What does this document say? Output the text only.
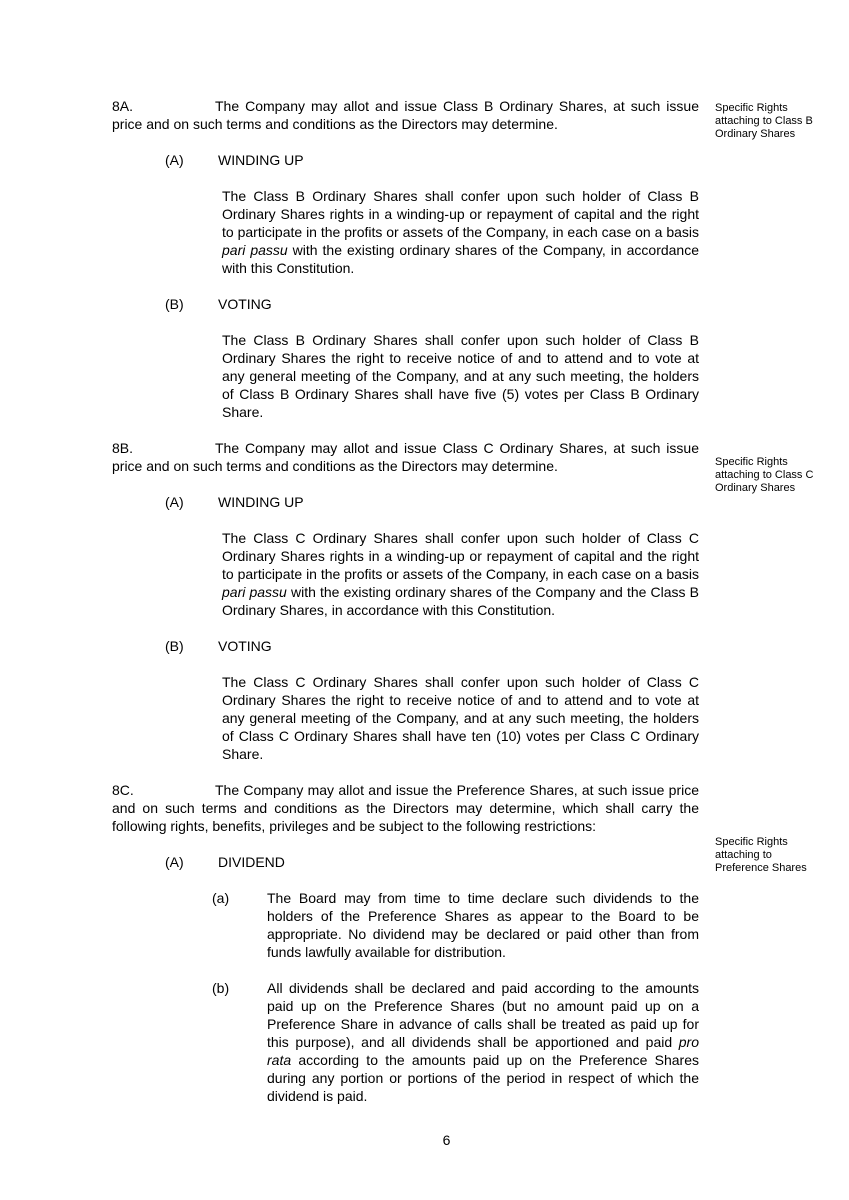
8A.	The Company may allot and issue Class B Ordinary Shares, at such issue price and on such terms and conditions as the Directors may determine.

(A) WINDING UP

The Class B Ordinary Shares shall confer upon such holder of Class B Ordinary Shares rights in a winding-up or repayment of capital and the right to participate in the profits or assets of the Company, in each case on a basis pari passu with the existing ordinary shares of the Company, in accordance with this Constitution.

(B) VOTING

The Class B Ordinary Shares shall confer upon such holder of Class B Ordinary Shares the right to receive notice of and to attend and to vote at any general meeting of the Company, and at any such meeting, the holders of Class B Ordinary Shares shall have five (5) votes per Class B Ordinary Share.

8B.	The Company may allot and issue Class C Ordinary Shares, at such issue price and on such terms and conditions as the Directors may determine.

(A) WINDING UP

The Class C Ordinary Shares shall confer upon such holder of Class C Ordinary Shares rights in a winding-up or repayment of capital and the right to participate in the profits or assets of the Company, in each case on a basis pari passu with the existing ordinary shares of the Company and the Class B Ordinary Shares, in accordance with this Constitution.

(B) VOTING

The Class C Ordinary Shares shall confer upon such holder of Class C Ordinary Shares the right to receive notice of and to attend and to vote at any general meeting of the Company, and at any such meeting, the holders of Class C Ordinary Shares shall have ten (10) votes per Class C Ordinary Share.

8C.	The Company may allot and issue the Preference Shares, at such issue price and on such terms and conditions as the Directors may determine, which shall carry the following rights, benefits, privileges and be subject to the following restrictions:

(A) DIVIDEND
(a)	The Board may from time to time declare such dividends to the holders of the Preference Shares as appear to the Board to be appropriate. No dividend may be declared or paid other than from funds lawfully available for distribution.
(b)	All dividends shall be declared and paid according to the amounts paid up on the Preference Shares (but no amount paid up on a Preference Share in advance of calls shall be treated as paid up for this purpose), and all dividends shall be apportioned and paid pro rata according to the amounts paid up on the Preference Shares during any portion or portions of the period in respect of which the dividend is paid.
Specific Rights
attaching to Class B
Ordinary Shares
Specific Rights
attaching to Class C
Ordinary Shares
Specific Rights
attaching to
Preference Shares
6
